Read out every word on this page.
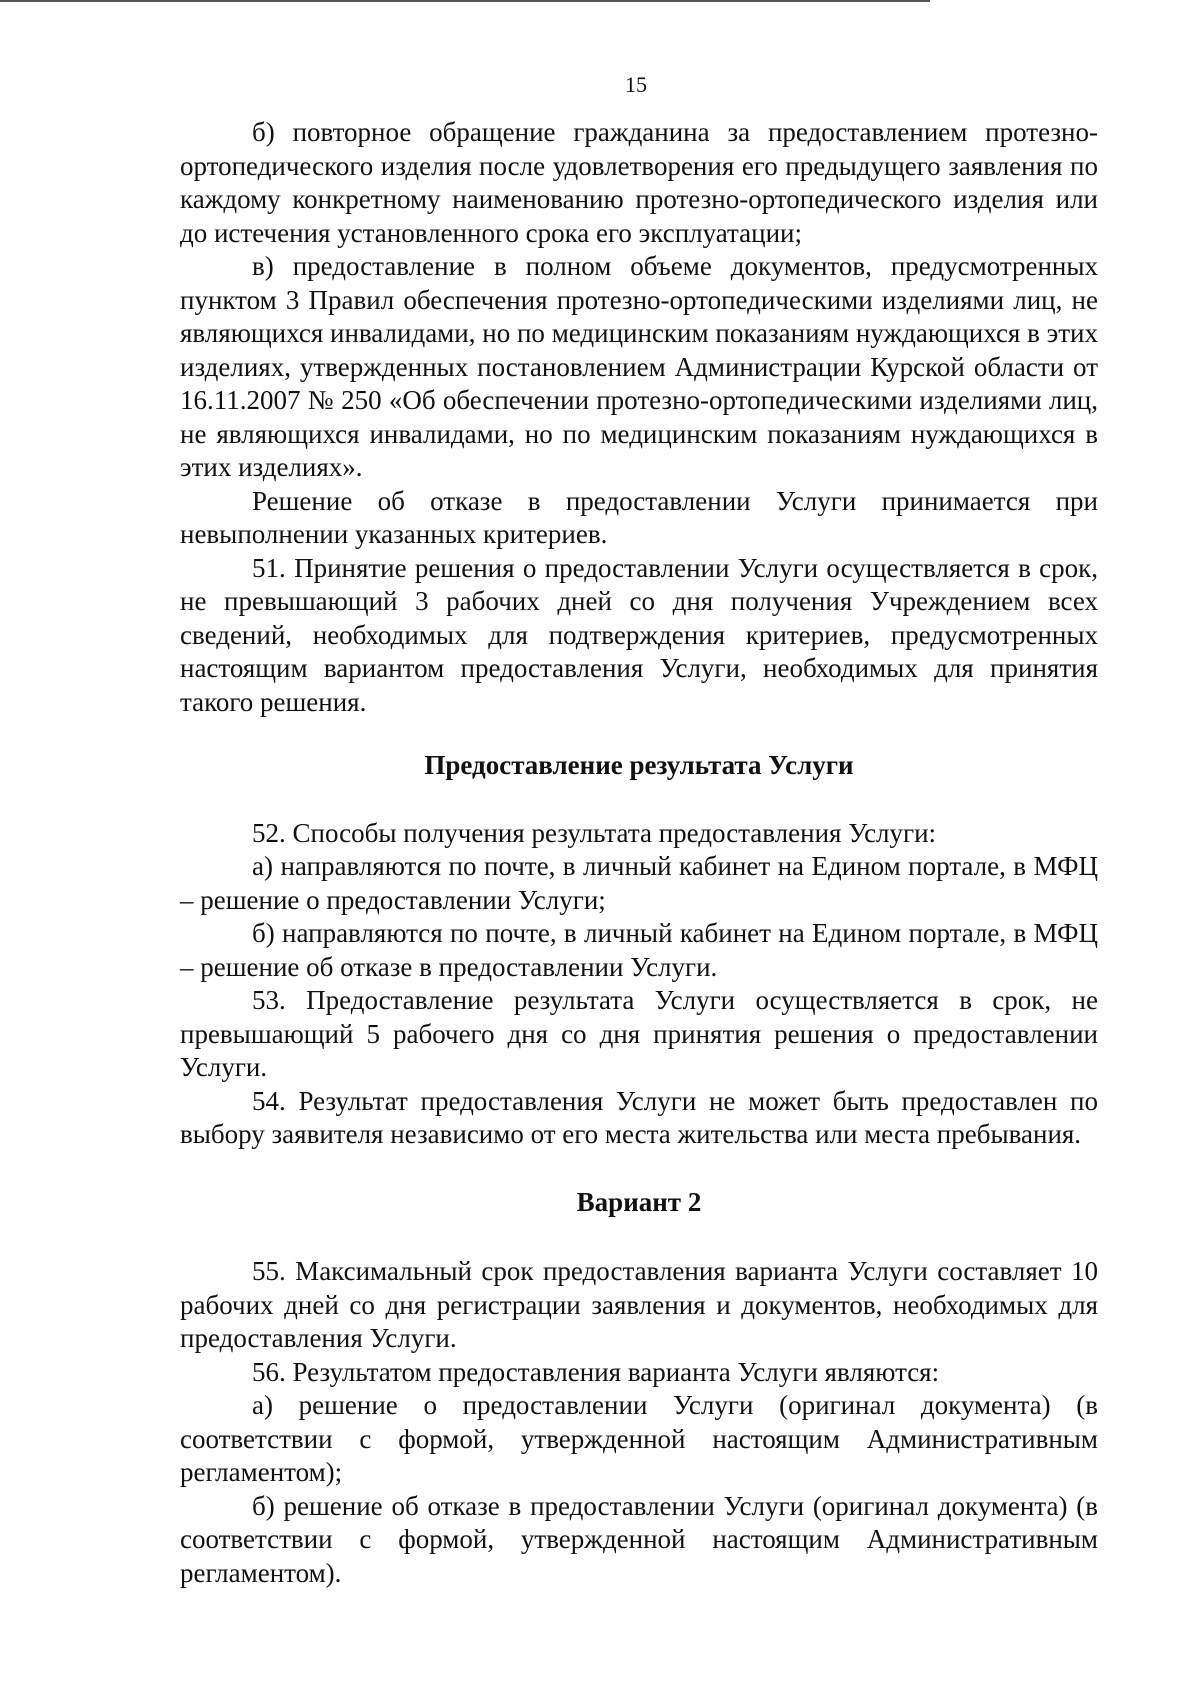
15

б) повторное обращение гражданина за предоставлением протезно-ортопедического изделия после удовлетворения его предыдущего заявления по каждому конкретному наименованию протезно-ортопедического изделия или до истечения установленного срока его эксплуатации;

в) предоставление в полном объеме документов, предусмотренных пунктом 3 Правил обеспечения протезно-ортопедическими изделиями лиц, не являющихся инвалидами, но по медицинским показаниям нуждающихся в этих изделиях, утвержденных постановлением Администрации Курской области от 16.11.2007 № 250 «Об обеспечении протезно-ортопедическими изделиями лиц, не являющихся инвалидами, но по медицинским показаниям нуждающихся в этих изделиях».

Решение об отказе в предоставлении Услуги принимается при невыполнении указанных критериев.

51. Принятие решения о предоставлении Услуги осуществляется в срок, не превышающий 3 рабочих дней со дня получения Учреждением всех сведений, необходимых для подтверждения критериев, предусмотренных настоящим вариантом предоставления Услуги, необходимых для принятия такого решения.

Предоставление результата Услуги

52. Способы получения результата предоставления Услуги:

а) направляются по почте, в личный кабинет на Едином портале, в МФЦ – решение о предоставлении Услуги;

б) направляются по почте, в личный кабинет на Едином портале, в МФЦ – решение об отказе в предоставлении Услуги.

53. Предоставление результата Услуги осуществляется в срок, не превышающий 5 рабочего дня со дня принятия решения о предоставлении Услуги.

54. Результат предоставления Услуги не может быть предоставлен по выбору заявителя независимо от его места жительства или места пребывания.

Вариант 2

55. Максимальный срок предоставления варианта Услуги составляет 10 рабочих дней со дня регистрации заявления и документов, необходимых для предоставления Услуги.

56. Результатом предоставления варианта Услуги являются:

а) решение о предоставлении Услуги (оригинал документа) (в соответствии с формой, утвержденной настоящим Административным регламентом);

б) решение об отказе в предоставлении Услуги (оригинал документа) (в соответствии с формой, утвержденной настоящим Административным регламентом).
